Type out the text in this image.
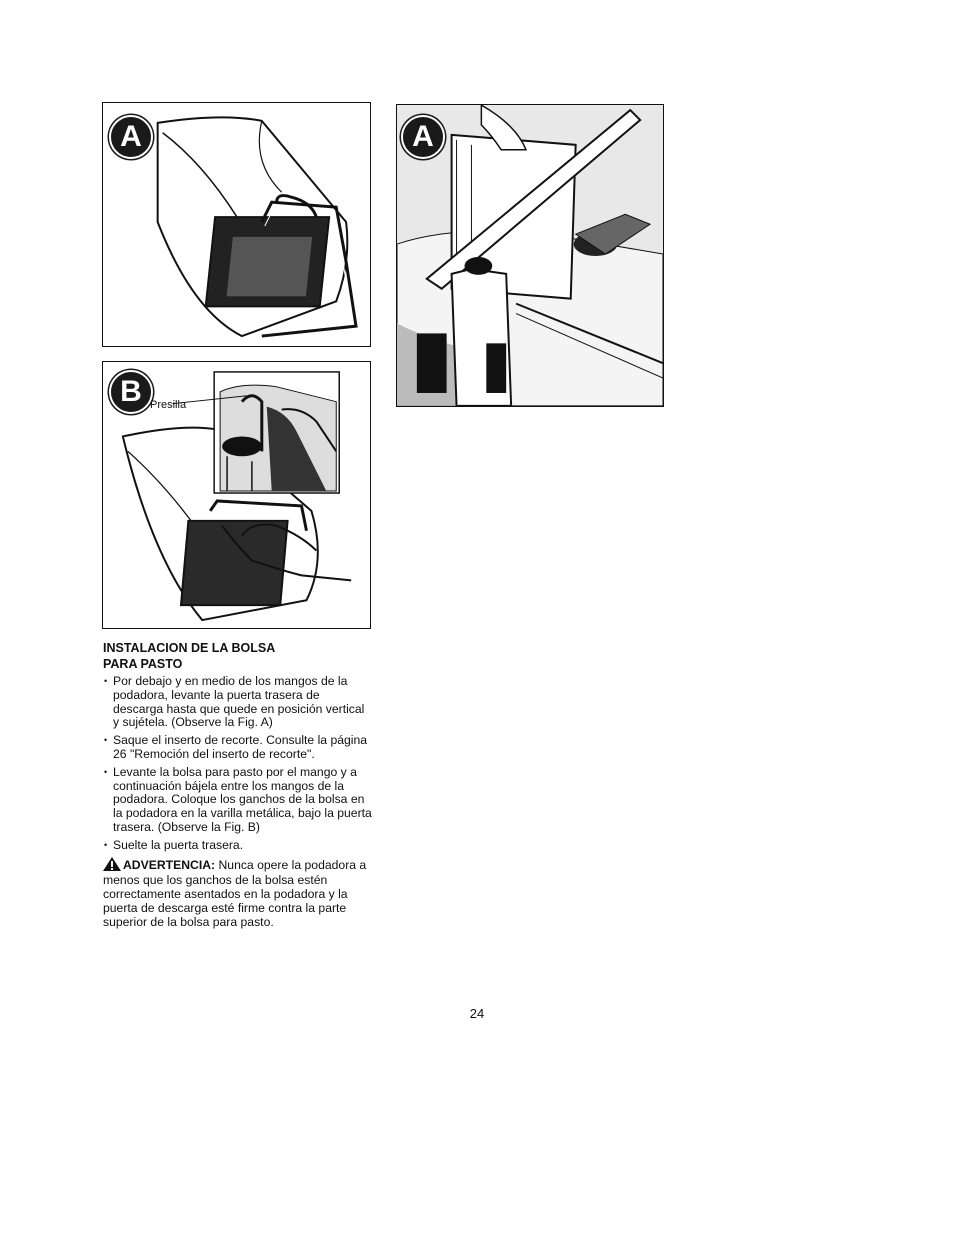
A
B Presilla
A

INSTALACION DE LA BOLSA
PARA PASTO

• Por debajo y en medio de los mangos de la podadora, levante la puerta trasera de descarga hasta que quede en posición vertical y sujétela. (Observe la Fig. A)
• Saque el inserto de recorte. Consulte la página 26 "Remoción del inserto de recorte".
• Levante la bolsa para pasto por el mango y a continuación bájela entre los mangos de la podadora. Coloque los ganchos de la bolsa en la podadora en la varilla metálica, bajo la puerta trasera. (Observe la Fig. B)
• Suelte la puerta trasera.
ADVERTENCIA: Nunca opere la podadora a menos que los ganchos de la bolsa estén correctamente asentados en la podadora y la puerta de descarga esté firme contra la parte superior de la bolsa para pasto.
24
